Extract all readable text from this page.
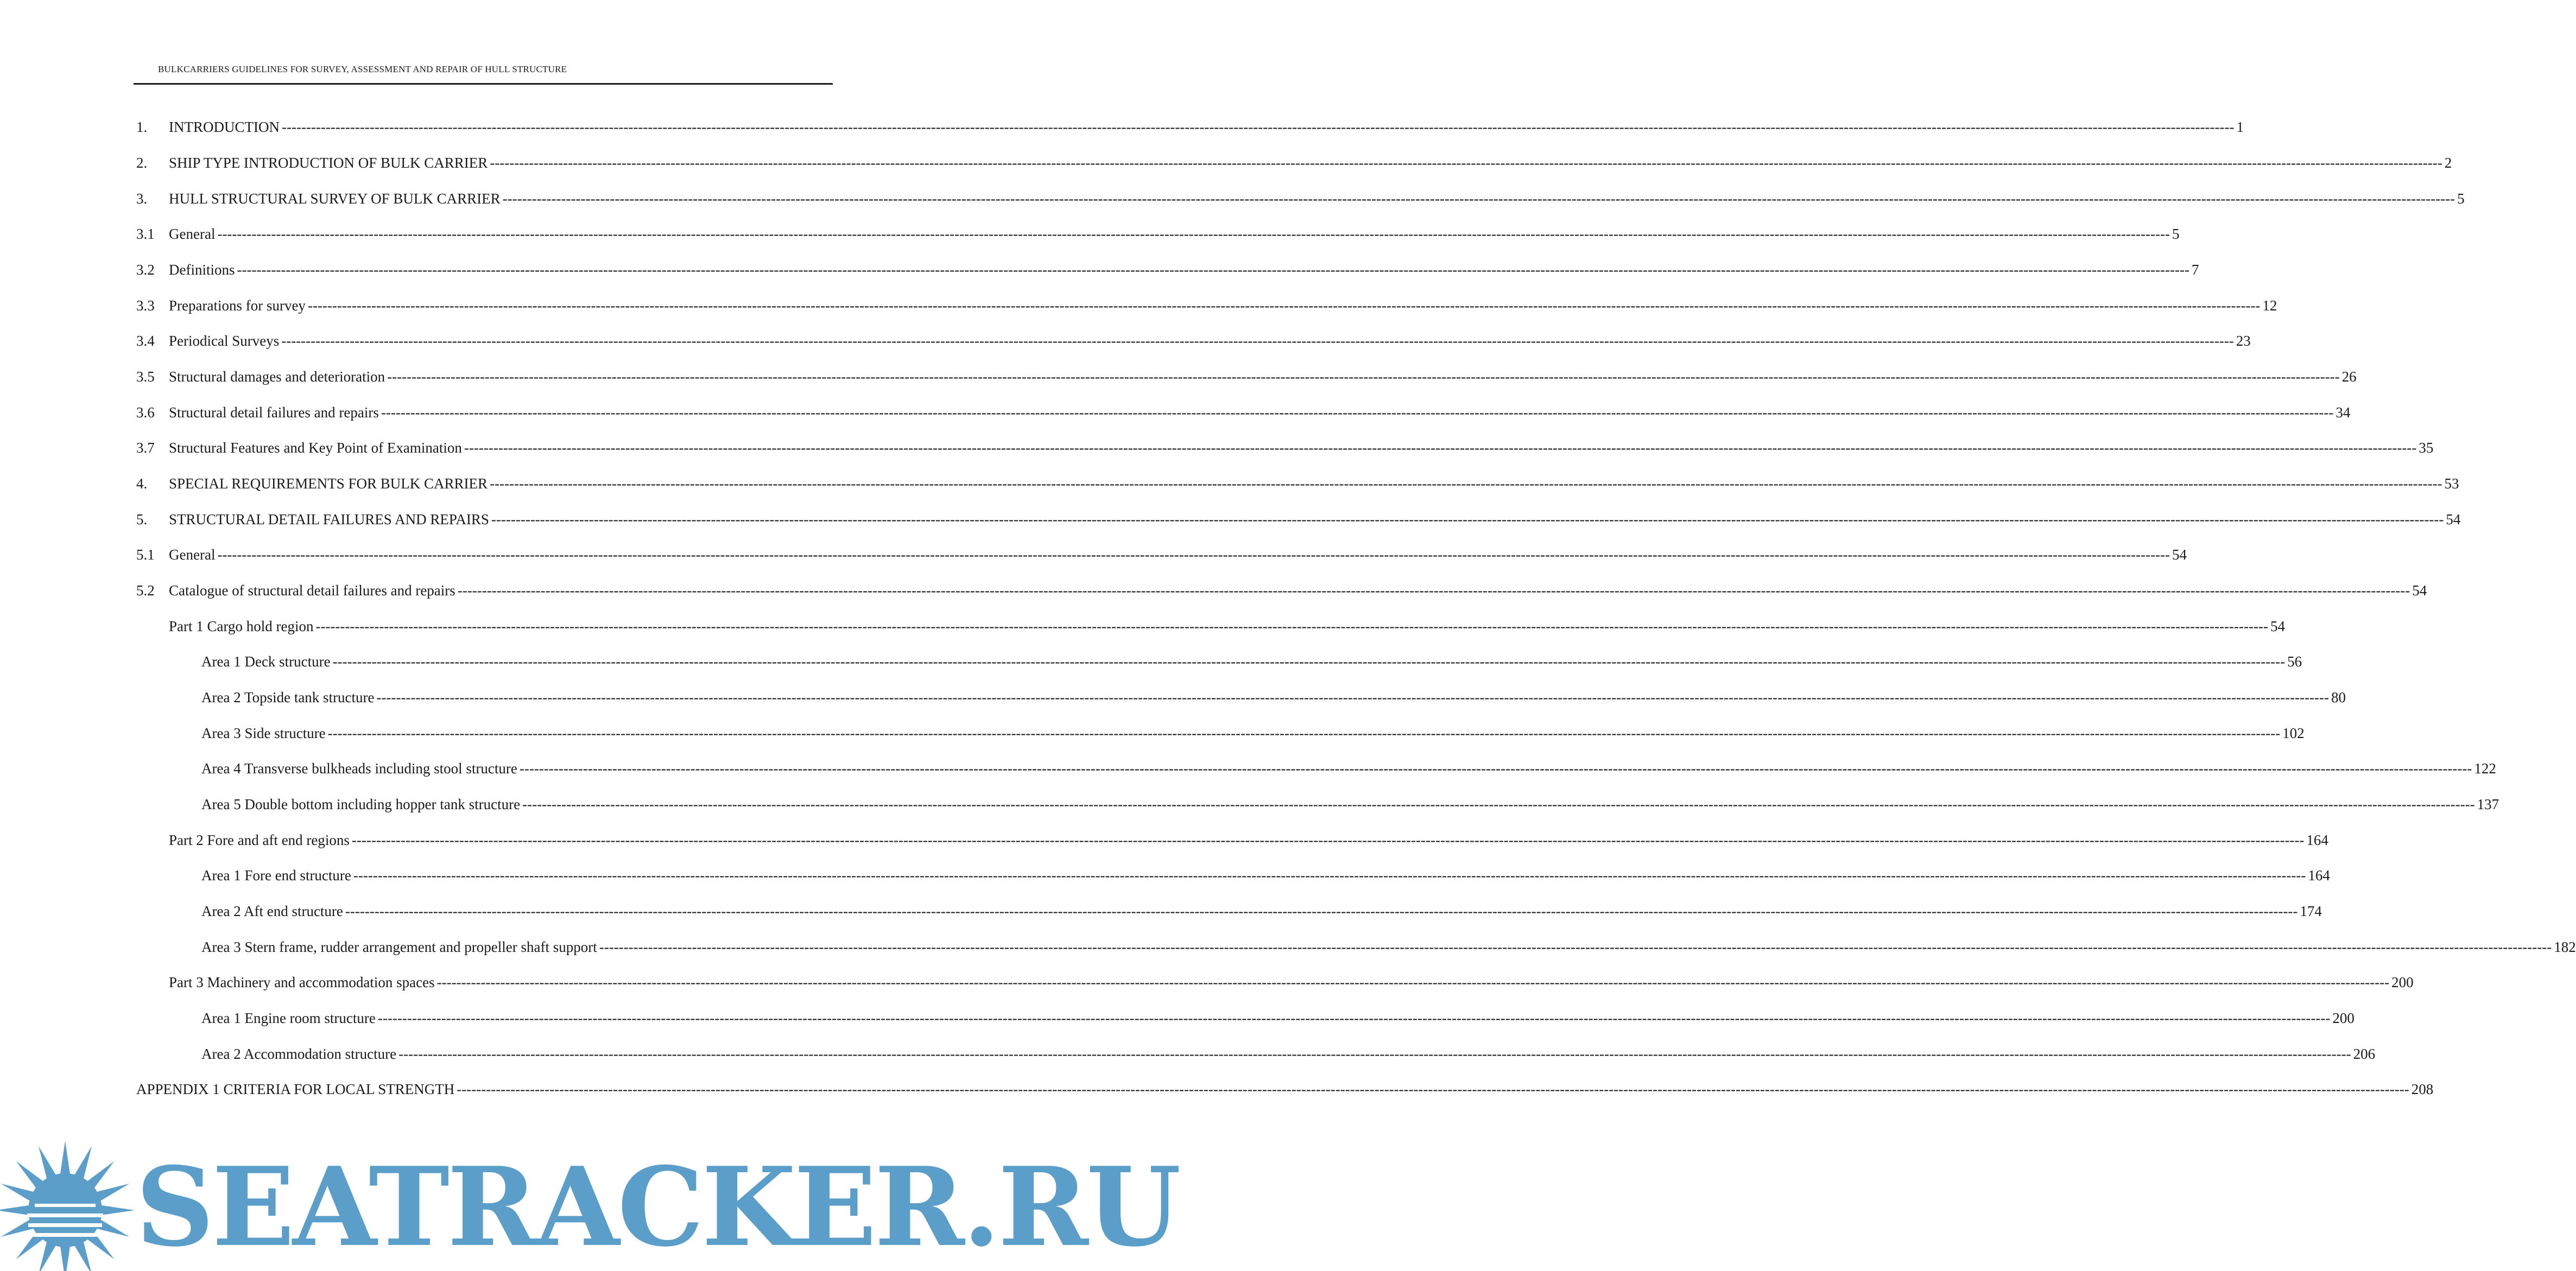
BULKCARRIERS GUIDELINES FOR SURVEY, ASSESSMENT AND REPAIR OF HULL STRUCTURE
1.	INTRODUCTION ---------------------------------------------------------------------------------------------------------------------------------------------------------------------------------------------------------------------------------------------------------------------------------------------------------------------------------------------------------------------------------------------------------------- 1
2.	SHIP TYPE INTRODUCTION OF BULK CARRIER ---------------------------------------------------------------------------------------------------------------------------------------------------------------------------------------------------------------------------------------------------------------------------------------------------------------------------------------------------------------------------------------------------------------- 2
3.	HULL STRUCTURAL SURVEY OF BULK CARRIER ---------------------------------------------------------------------------------------------------------------------------------------------------------------------------------------------------------------------------------------------------------------------------------------------------------------------------------------------------------------------------------------------------------------- 5
3.1 General ---------------------------------------------------------------------------------------------------------------------------------------------------------------------------------------------------------------------------------------------------------------------------------------------------------------------------------------------------------------------------------------------------------------- 5
3.2 Definitions ---------------------------------------------------------------------------------------------------------------------------------------------------------------------------------------------------------------------------------------------------------------------------------------------------------------------------------------------------------------------------------------------------------------- 7
3.3 Preparations for survey ---------------------------------------------------------------------------------------------------------------------------------------------------------------------------------------------------------------------------------------------------------------------------------------------------------------------------------------------------------------------------------------------------------------- 12
3.4 Periodical Surveys ---------------------------------------------------------------------------------------------------------------------------------------------------------------------------------------------------------------------------------------------------------------------------------------------------------------------------------------------------------------------------------------------------------------- 23
3.5 Structural damages and deterioration ---------------------------------------------------------------------------------------------------------------------------------------------------------------------------------------------------------------------------------------------------------------------------------------------------------------------------------------------------------------------------------------------------------------- 26
3.6 Structural detail failures and repairs ---------------------------------------------------------------------------------------------------------------------------------------------------------------------------------------------------------------------------------------------------------------------------------------------------------------------------------------------------------------------------------------------------------------- 34
3.7 Structural Features and Key Point of Examination ---------------------------------------------------------------------------------------------------------------------------------------------------------------------------------------------------------------------------------------------------------------------------------------------------------------------------------------------------------------------------------------------------------------- 35
4.	SPECIAL REQUIREMENTS FOR BULK CARRIER ---------------------------------------------------------------------------------------------------------------------------------------------------------------------------------------------------------------------------------------------------------------------------------------------------------------------------------------------------------------------------------------------------------------- 53
5.	STRUCTURAL DETAIL FAILURES AND REPAIRS ---------------------------------------------------------------------------------------------------------------------------------------------------------------------------------------------------------------------------------------------------------------------------------------------------------------------------------------------------------------------------------------------------------------- 54
5.1 General ---------------------------------------------------------------------------------------------------------------------------------------------------------------------------------------------------------------------------------------------------------------------------------------------------------------------------------------------------------------------------------------------------------------- 54
5.2 Catalogue of structural detail failures and repairs ---------------------------------------------------------------------------------------------------------------------------------------------------------------------------------------------------------------------------------------------------------------------------------------------------------------------------------------------------------------------------------------------------------------- 54
Part 1 Cargo hold region ---------------------------------------------------------------------------------------------------------------------------------------------------------------------------------------------------------------------------------------------------------------------------------------------------------------------------------------------------------------------------------------------------------------- 54
Area 1 Deck structure ---------------------------------------------------------------------------------------------------------------------------------------------------------------------------------------------------------------------------------------------------------------------------------------------------------------------------------------------------------------------------------------------------------------- 56
Area 2 Topside tank structure ---------------------------------------------------------------------------------------------------------------------------------------------------------------------------------------------------------------------------------------------------------------------------------------------------------------------------------------------------------------------------------------------------------------- 80
Area 3 Side structure ---------------------------------------------------------------------------------------------------------------------------------------------------------------------------------------------------------------------------------------------------------------------------------------------------------------------------------------------------------------------------------------------------------------- 102
Area 4 Transverse bulkheads including stool structure ---------------------------------------------------------------------------------------------------------------------------------------------------------------------------------------------------------------------------------------------------------------------------------------------------------------------------------------------------------------------------------------------------------------- 122
Area 5 Double bottom including hopper tank structure ---------------------------------------------------------------------------------------------------------------------------------------------------------------------------------------------------------------------------------------------------------------------------------------------------------------------------------------------------------------------------------------------------------------- 137
Part 2 Fore and aft end regions ---------------------------------------------------------------------------------------------------------------------------------------------------------------------------------------------------------------------------------------------------------------------------------------------------------------------------------------------------------------------------------------------------------------- 164
Area 1 Fore end structure ---------------------------------------------------------------------------------------------------------------------------------------------------------------------------------------------------------------------------------------------------------------------------------------------------------------------------------------------------------------------------------------------------------------- 164
Area 2 Aft end structure ---------------------------------------------------------------------------------------------------------------------------------------------------------------------------------------------------------------------------------------------------------------------------------------------------------------------------------------------------------------------------------------------------------------- 174
Area 3 Stern frame, rudder arrangement and propeller shaft support ---------------------------------------------------------------------------------------------------------------------------------------------------------------------------------------------------------------------------------------------------------------------------------------------------------------------------------------------------------------------------------------------------------------- 182
Part 3 Machinery and accommodation spaces ---------------------------------------------------------------------------------------------------------------------------------------------------------------------------------------------------------------------------------------------------------------------------------------------------------------------------------------------------------------------------------------------------------------- 200
Area 1 Engine room structure ---------------------------------------------------------------------------------------------------------------------------------------------------------------------------------------------------------------------------------------------------------------------------------------------------------------------------------------------------------------------------------------------------------------- 200
Area 2 Accommodation structure ---------------------------------------------------------------------------------------------------------------------------------------------------------------------------------------------------------------------------------------------------------------------------------------------------------------------------------------------------------------------------------------------------------------- 206
APPENDIX 1 CRITERIA FOR LOCAL STRENGTH ---------------------------------------------------------------------------------------------------------------------------------------------------------------------------------------------------------------------------------------------------------------------------------------------------------------------------------------------------------------------------------------------------------------- 208
SEATRACKER.RU
